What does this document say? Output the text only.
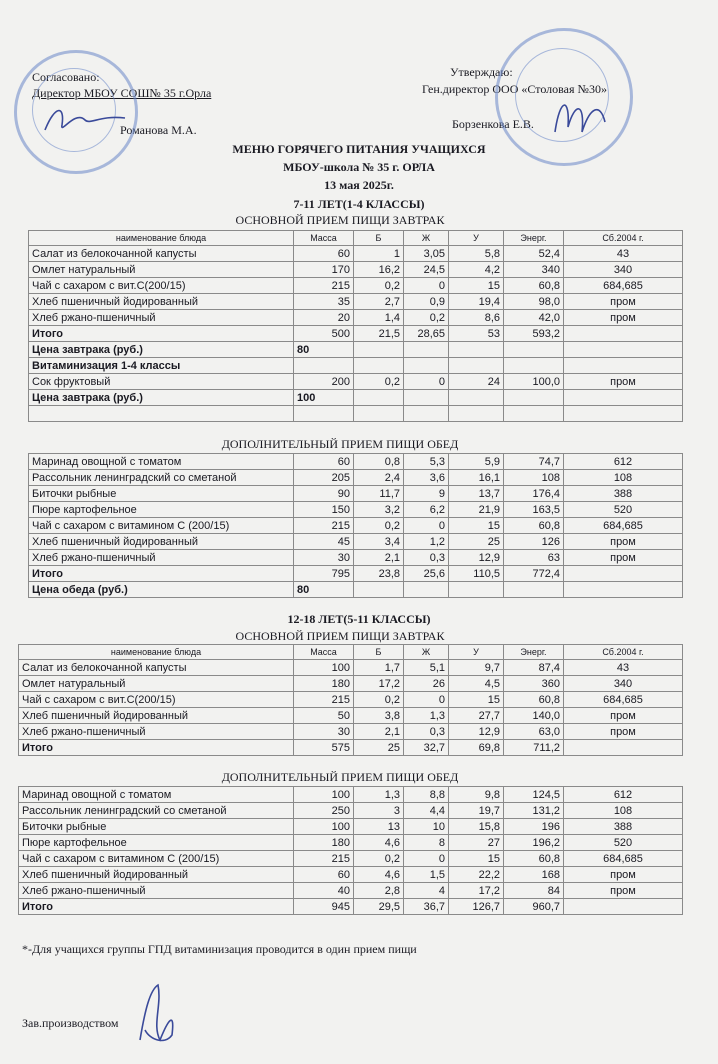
Согласовано:
Директор МБОУ СОШ№ 35 г.Орла
Романова М.А.
Утверждаю:
Ген.директор ООО «Столовая №30»
Борзенкова Е.В.
МЕНЮ ГОРЯЧЕГО ПИТАНИЯ УЧАЩИХСЯ
МБОУ-школа № 35 г. ОРЛА
13 мая 2025г.
7-11 ЛЕТ(1-4 КЛАССЫ)
ОСНОВНОЙ ПРИЕМ ПИЩИ ЗАВТРАК
наименование блюда	Масса	Б	Ж	У	Энерг.	Сб.2004 г.
Салат из белокочанной капусты	60	1	3,05	5,8	52,4	43
Омлет натуральный	170	16,2	24,5	4,2	340	340
Чай с сахаром с вит.С(200/15)	215	0,2	0	15	60,8	684,685
Хлеб пшеничный йодированный	35	2,7	0,9	19,4	98,0	пром
Хлеб ржано-пшеничный	20	1,4	0,2	8,6	42,0	пром
Итого	500	21,5	28,65	53	593,2	
Цена завтрака (руб.)	80					
Витаминизация 1-4 классы						
Сок фруктовый	200	0,2	0	24	100,0	пром
Цена завтрака (руб.)	100					

ДОПОЛНИТЕЛЬНЫЙ ПРИЕМ ПИЩИ ОБЕД
Маринад овощной с томатом	60	0,8	5,3	5,9	74,7	612
Рассольник ленинградский со сметаной	205	2,4	3,6	16,1	108	108
Биточки рыбные	90	11,7	9	13,7	176,4	388
Пюре картофельное	150	3,2	6,2	21,9	163,5	520
Чай с сахаром с витамином С (200/15)	215	0,2	0	15	60,8	684,685
Хлеб пшеничный йодированный	45	3,4	1,2	25	126	пром
Хлеб ржано-пшеничный	30	2,1	0,3	12,9	63	пром
Итого	795	23,8	25,6	110,5	772,4	
Цена обеда (руб.)	80					
12-18 ЛЕТ(5-11 КЛАССЫ)
ОСНОВНОЙ ПРИЕМ ПИЩИ ЗАВТРАК
наименование блюда	Масса	Б	Ж	У	Энерг.	Сб.2004 г.
Салат из белокочанной капусты	100	1,7	5,1	9,7	87,4	43
Омлет натуральный	180	17,2	26	4,5	360	340
Чай с сахаром с вит.С(200/15)	215	0,2	0	15	60,8	684,685
Хлеб пшеничный йодированный	50	3,8	1,3	27,7	140,0	пром
Хлеб ржано-пшеничный	30	2,1	0,3	12,9	63,0	пром
Итого	575	25	32,7	69,8	711,2	
ДОПОЛНИТЕЛЬНЫЙ ПРИЕМ ПИЩИ ОБЕД
Маринад овощной с томатом	100	1,3	8,8	9,8	124,5	612
Рассольник ленинградский со сметаной	250	3	4,4	19,7	131,2	108
Биточки рыбные	100	13	10	15,8	196	388
Пюре картофельное	180	4,6	8	27	196,2	520
Чай с сахаром с витамином С (200/15)	215	0,2	0	15	60,8	684,685
Хлеб пшеничный йодированный	60	4,6	1,5	22,2	168	пром
Хлеб ржано-пшеничный	40	2,8	4	17,2	84	пром
Итого	945	29,5	36,7	126,7	960,7	
*-Для учащихся группы ГПД витаминизация проводится в один прием пищи
Зав.производством
